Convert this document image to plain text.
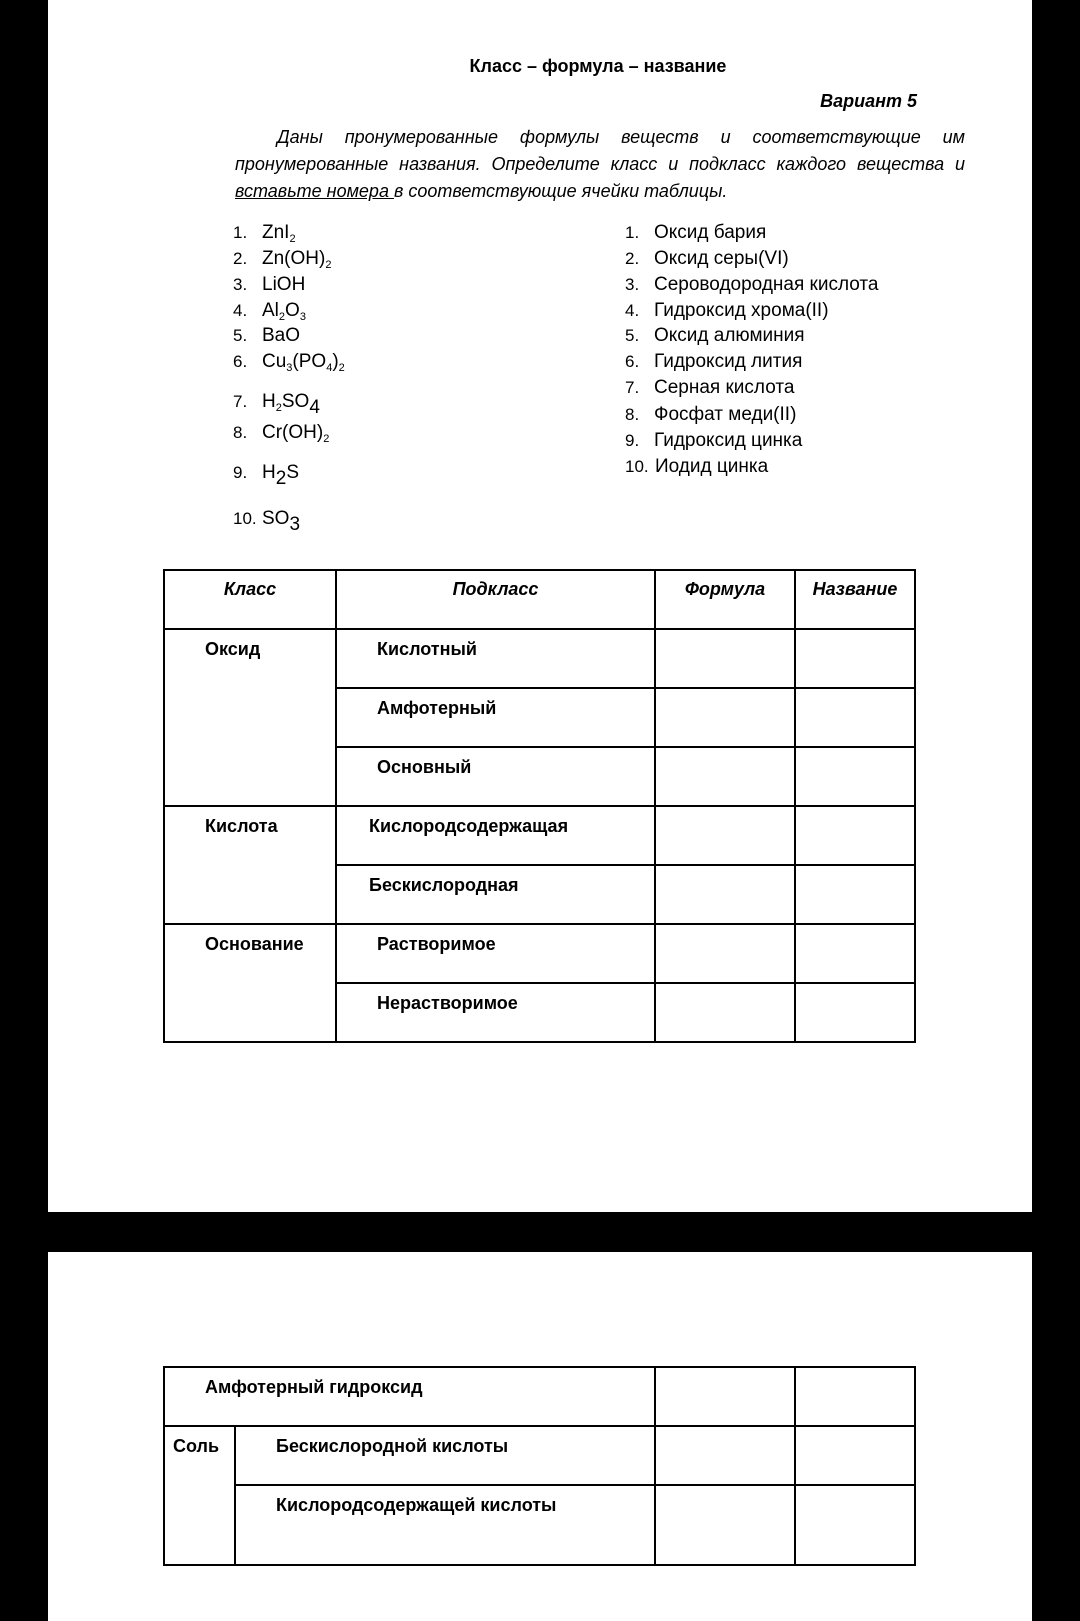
Класс – формула – название
Вариант 5
Даны пронумерованные формулы веществ и соответствующие им пронумерованные названия. Определите класс и подкласс каждого вещества и вставьте номера в соответствующие ячейки таблицы.
1. ZnI$_2$
2. $Zn(OH)_2$
3. LiOH
4. $Al_2O_3$
5. BaO
6. $Cu_3(PO_4)_2$
7. $H_2SO_4$
8. $Cr(OH)_2$
9. $H_2S$
10. $SO_3$
1. Оксид бария
2. Оксид серы(VI)
3. Сероводородная кислота
4. Гидроксид хрома(II)
5. Оксид алюминия
6. Гидроксид лития
7. Серная кислота
8. Фосфат меди(II)
9. Гидроксид цинка
10. Иодид цинка
Класс	Подкласс	Формула	Название
Оксид	Кислотный		
	Амфотерный		
	Основный		
Кислота	Кислородсодержащая		
	Бескислородная		
Основание	Растворимое		
	Нерастворимое		
Амфотерный гидроксид			
Соль	Бескислородной кислоты		
	Кислородсодержащей кислоты		
